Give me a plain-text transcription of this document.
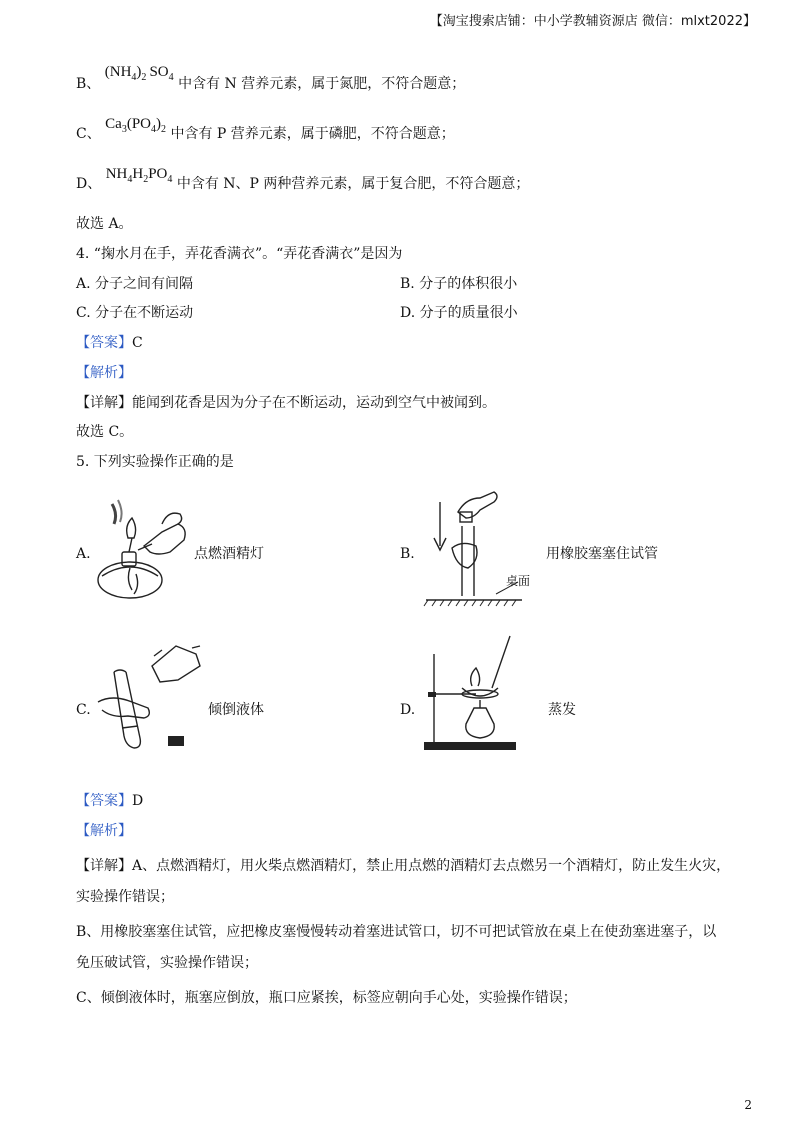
【淘宝搜索店铺：中小学教辅资源店 微信：mlxt2022】
B、 $(NH_4)_2$  $SO_4$ 中含有 N 营养元素，属于氮肥，不符合题意；
C、 $Ca_3(PO_4)_2$ 中含有 P 营养元素，属于磷肥，不符合题意；
D、 $NH_4H_2PO_4$ 中含有 N、P 两种营养元素，属于复合肥，不符合题意；
故选 A。
4. “掬水月在手，弄花香满衣”。“弄花香满衣”是因为
A. 分子之间有间隔	B. 分子的体积很小
C. 分子在不断运动	D. 分子的质量很小
【答案】C
【解析】
【详解】能闻到花香是因为分子在不断运动，运动到空气中被闻到。
故选 C。
5. 下列实验操作正确的是
A.	点燃酒精灯	B.
桌面
用橡胶塞塞住试管
C.	倾倒液体	D.	蒸发
【答案】D
【解析】
【详解】A、点燃酒精灯，用火柴点燃酒精灯，禁止用点燃的酒精灯去点燃另一个酒精灯，防止发生火灾，
实验操作错误；
B、用橡胶塞塞住试管，应把橡皮塞慢慢转动着塞进试管口，切不可把试管放在桌上在使劲塞进塞子，以
免压破试管，实验操作错误；
C、倾倒液体时，瓶塞应倒放，瓶口应紧挨，标签应朝向手心处，实验操作错误；
2
